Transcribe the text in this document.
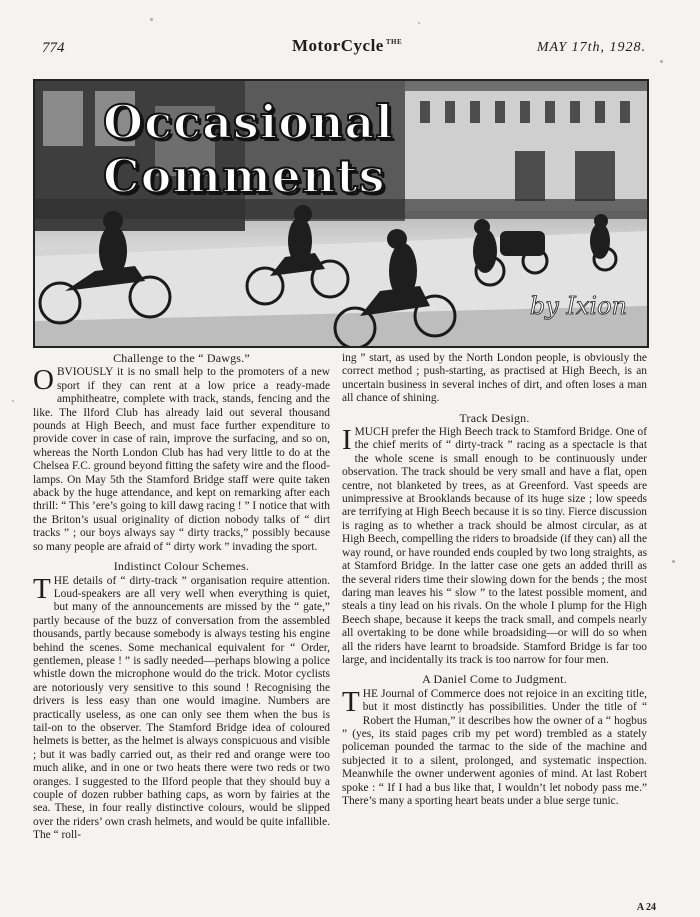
774	MotorCycle $^{THE}$	MAY 17th, 1928.
Occasional Comments
by Ixion
Challenge to the “ Dawgs.”

OBVIOUSLY it is no small help to the promoters of a new sport if they can rent at a low price a ready-made amphitheatre, complete with track, stands, fencing and the like. The Ilford Club has already laid out several thousand pounds at High Beech, and must face further expenditure to provide cover in case of rain, improve the surfacing, and so on, whereas the North London Club has had very little to do at the Chelsea F.C. ground beyond fitting the safety wire and the flood-lamps. On May 5th the Stamford Bridge staff were quite taken aback by the huge attendance, and kept on remarking after each thrill: “ This ’ere’s going to kill dawg racing ! ” I notice that with the Briton’s usual originality of diction nobody talks of “ dirt tracks ” ; our boys always say “ dirty tracks,” possibly because so many people are afraid of “ dirty work ” invading the sport.

Indistinct Colour Schemes.

THE details of “ dirty-track ” organisation require attention. Loud-speakers are all very well when everything is quiet, but many of the announcements are missed by the “ gate,” partly because of the buzz of conversation from the assembled thousands, partly because somebody is always testing his engine behind the scenes. Some mechanical equivalent for “ Order, gentlemen, please ! ” is sadly needed—perhaps blowing a police whistle down the microphone would do the trick. Motor cyclists are notoriously very sensitive to this sound ! Recognising the drivers is less easy than one would imagine. Numbers are practically useless, as one can only see them when the bus is tail-on to the observer. The Stamford Bridge idea of coloured helmets is better, as the helmet is always conspicuous and visible ; but it was badly carried out, as their red and orange were too much alike, and in one or two heats there were two reds or two oranges. I suggested to the Ilford people that they should buy a couple of dozen rubber bathing caps, as worn by fairies at the sea. These, in four really distinctive colours, would be slipped over the riders’ own crash helmets, and would be quite infallible. The “ roll-

ing ” start, as used by the North London people, is obviously the correct method ; push-starting, as practised at High Beech, is an uncertain business in several inches of dirt, and often loses a man all chance of shining.

Track Design.

IMUCH prefer the High Beech track to Stamford Bridge. One of the chief merits of “ dirty-track ” racing as a spectacle is that the whole scene is small enough to be continuously under observation. The track should be very small and have a flat, open centre, not blanketed by trees, as at Greenford. Vast speeds are unimpressive at Brooklands because of its huge size ; low speeds are terrifying at High Beech because it is so tiny. Fierce discussion is raging as to whether a track should be almost circular, as at High Beech, compelling the riders to broadside (if they can) all the way round, or have rounded ends coupled by two long straights, as at Stamford Bridge. In the latter case one gets an added thrill as the several riders time their slowing down for the bends ; the most daring man leaves his “ slow ” to the latest possible moment, and steals a tiny lead on his rivals. On the whole I plump for the High Beech shape, because it keeps the track small, and compels nearly all overtaking to be done while broadsiding—or will do so when all the riders have learnt to broadside. Stamford Bridge is far too large, and incidentally its track is too narrow for four men.

A Daniel Come to Judgment.

THE Journal of Commerce does not rejoice in an exciting title, but it most distinctly has possibilities. Under the title of “ Robert the Human,” it describes how the owner of a “ hogbus ” (yes, its staid pages crib my pet word) trembled as a stately policeman pounded the tarmac to the side of the machine and subjected it to a silent, prolonged, and systematic inspection. Meanwhile the owner underwent agonies of mind. At last Robert spoke : “ If I had a bus like that, I wouldn’t let nobody pass me.” There’s many a sporting heart beats under a blue serge tunic.

A 24
